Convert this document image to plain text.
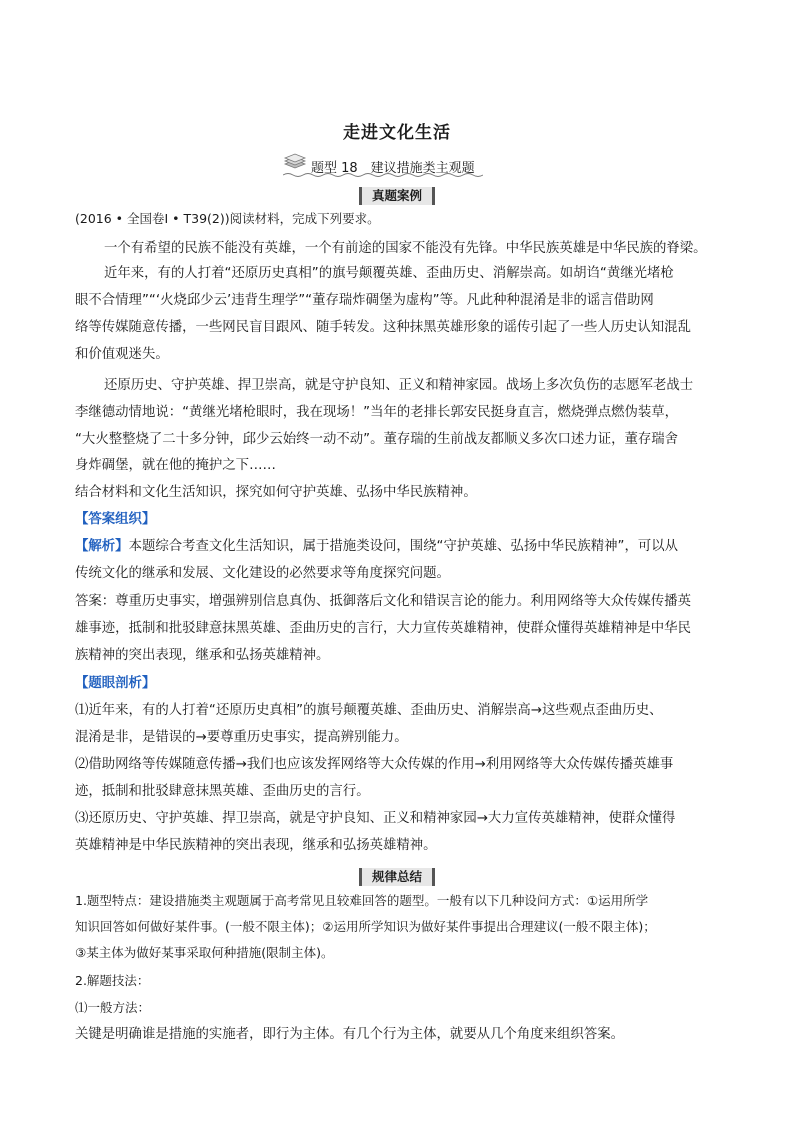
走进文化生活
题型 18　建议措施类主观题
真题案例
(2016 • 全国卷Ⅰ • T39(2))阅读材料，完成下列要求。
一个有希望的民族不能没有英雄，一个有前途的国家不能没有先锋。中华民族英雄是中华民族的脊梁。
近年来，有的人打着“还原历史真相”的旗号颠覆英雄、歪曲历史、消解崇高。如胡诌“黄继光堵枪
眼不合情理”“‘火烧邱少云’违背生理学”“董存瑞炸碉堡为虚构”等。凡此种种混淆是非的谣言借助网
络等传媒随意传播，一些网民盲目跟风、随手转发。这种抹黑英雄形象的谣传引起了一些人历史认知混乱
和价值观迷失。
还原历史、守护英雄、捍卫崇高，就是守护良知、正义和精神家园。战场上多次负伤的志愿军老战士
李继德动情地说：“黄继光堵枪眼时，我在现场！”当年的老排长郭安民挺身直言，燃烧弹点燃伪装草，
“大火整整烧了二十多分钟，邱少云始终一动不动”。董存瑞的生前战友都顺义多次口述力证，董存瑞舍
身炸碉堡，就在他的掩护之下……
结合材料和文化生活知识，探究如何守护英雄、弘扬中华民族精神。
【答案组织】
【解析】本题综合考查文化生活知识，属于措施类设问，围绕“守护英雄、弘扬中华民族精神”，可以从
传统文化的继承和发展、文化建设的必然要求等角度探究问题。
答案：尊重历史事实，增强辨别信息真伪、抵御落后文化和错误言论的能力。利用网络等大众传媒传播英
雄事迹，抵制和批驳肆意抹黑英雄、歪曲历史的言行，大力宣传英雄精神，使群众懂得英雄精神是中华民
族精神的突出表现，继承和弘扬英雄精神。
【题眼剖析】
⑴近年来，有的人打着“还原历史真相”的旗号颠覆英雄、歪曲历史、消解崇高→这些观点歪曲历史、
混淆是非，是错误的→要尊重历史事实，提高辨别能力。
⑵借助网络等传媒随意传播→我们也应该发挥网络等大众传媒的作用→利用网络等大众传媒传播英雄事
迹，抵制和批驳肆意抹黑英雄、歪曲历史的言行。
⑶还原历史、守护英雄、捍卫崇高，就是守护良知、正义和精神家园→大力宣传英雄精神，使群众懂得
英雄精神是中华民族精神的突出表现，继承和弘扬英雄精神。
规律总结
1.题型特点：建设措施类主观题属于高考常见且较难回答的题型。一般有以下几种设问方式：①运用所学
知识回答如何做好某件事。(一般不限主体)；②运用所学知识为做好某件事提出合理建议(一般不限主体)；
③某主体为做好某事采取何种措施(限制主体)。
2.解题技法：
⑴一般方法：
关键是明确谁是措施的实施者，即行为主体。有几个行为主体，就要从几个角度来组织答案。
